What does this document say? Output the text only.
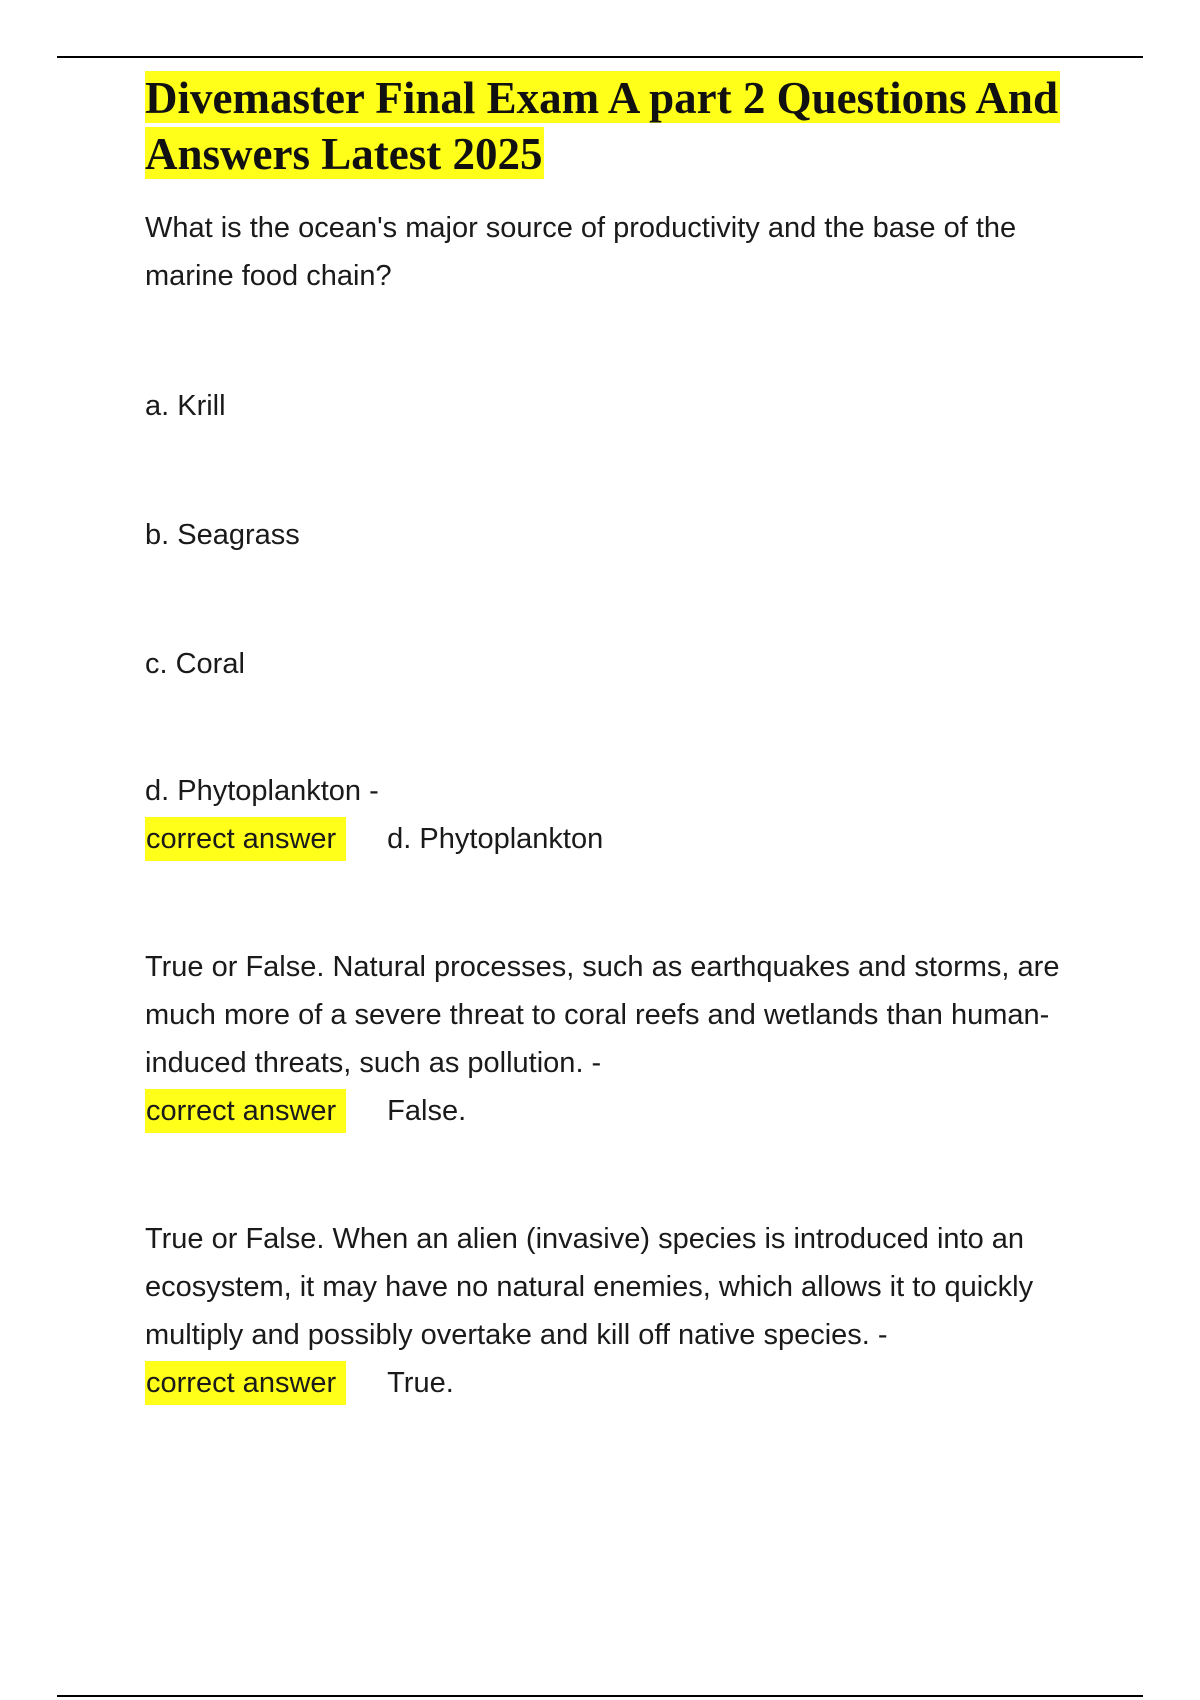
Divemaster Final Exam A part 2 Questions And Answers Latest 2025

What is the ocean's major source of productivity and the base of the marine food chain?

a. Krill

b. Seagrass

c. Coral

d. Phytoplankton -

correct answer	d. Phytoplankton

True or False. Natural processes, such as earthquakes and storms, are much more of a severe threat to coral reefs and wetlands than human-induced threats, such as pollution. -

correct answer	False.

True or False. When an alien (invasive) species is introduced into an ecosystem, it may have no natural enemies, which allows it to quickly multiply and possibly overtake and kill off native species. -

correct answer	True.
